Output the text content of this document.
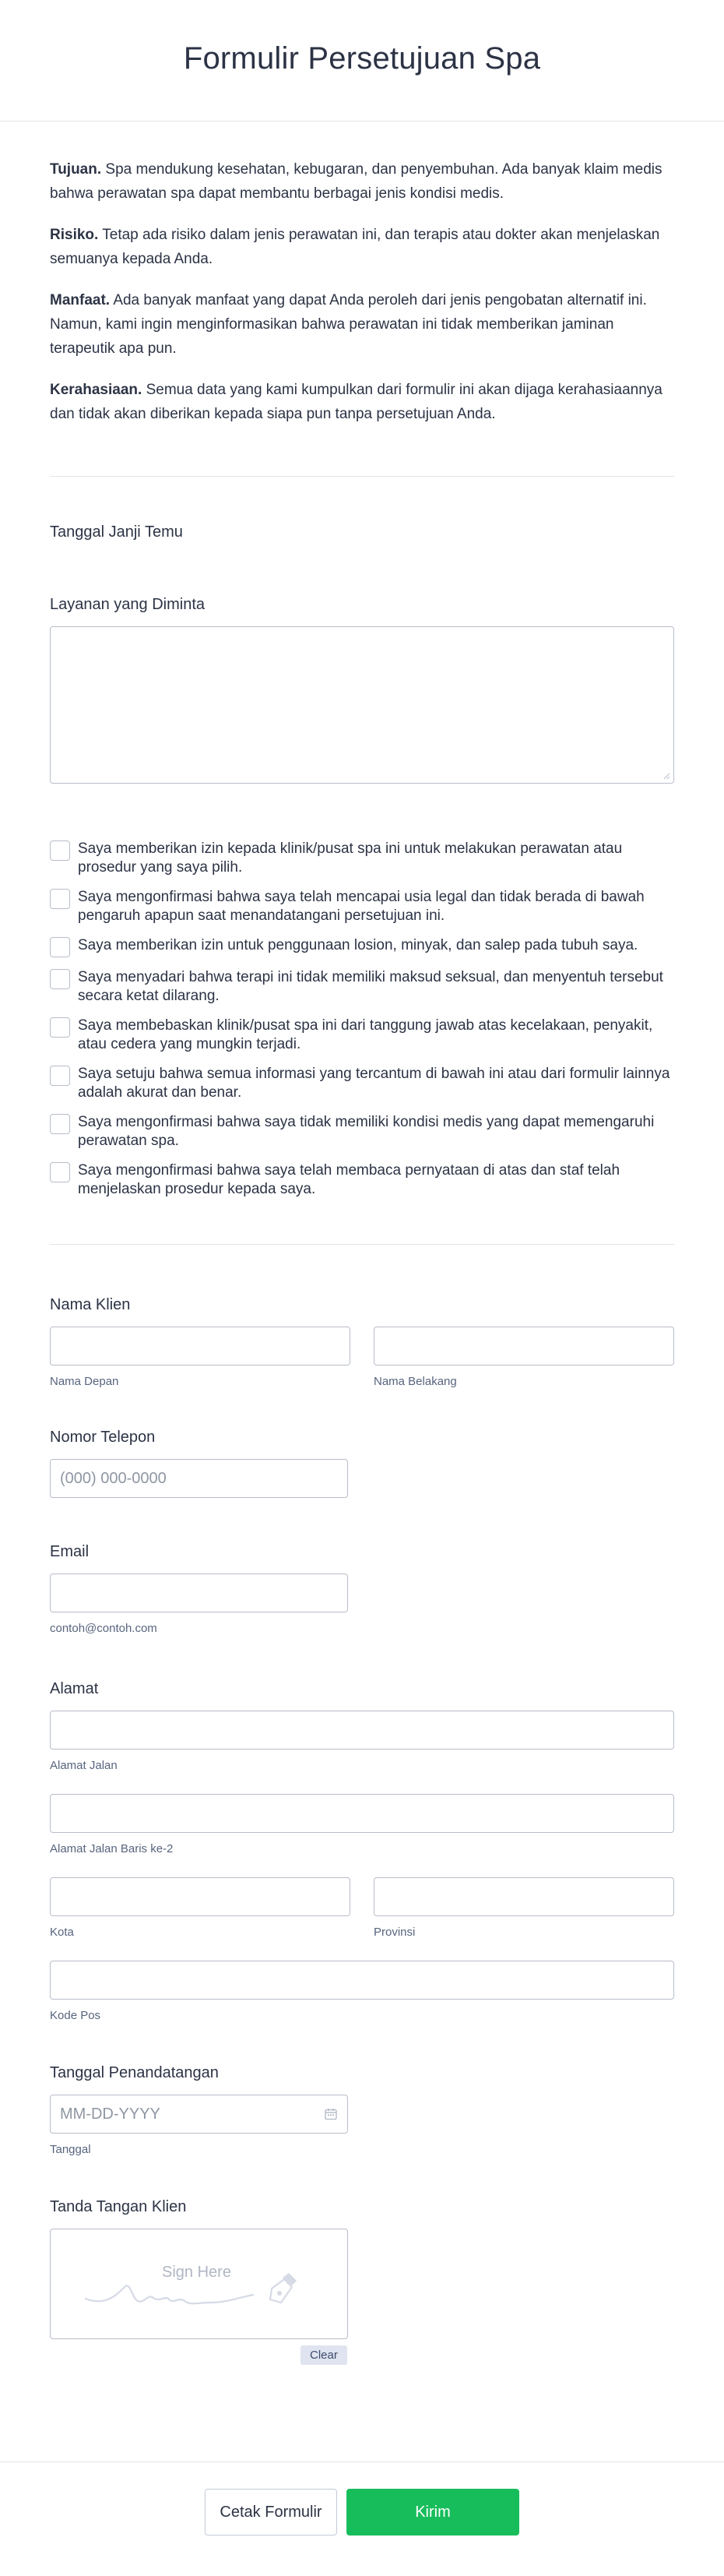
Formulir Persetujuan Spa

Tujuan. Spa mendukung kesehatan, kebugaran, dan penyembuhan. Ada banyak klaim medis bahwa perawatan spa dapat membantu berbagai jenis kondisi medis.

Risiko. Tetap ada risiko dalam jenis perawatan ini, dan terapis atau dokter akan menjelaskan semuanya kepada Anda.

Manfaat. Ada banyak manfaat yang dapat Anda peroleh dari jenis pengobatan alternatif ini. Namun, kami ingin menginformasikan bahwa perawatan ini tidak memberikan jaminan terapeutik apa pun.

Kerahasiaan. Semua data yang kami kumpulkan dari formulir ini akan dijaga kerahasiaannya dan tidak akan diberikan kepada siapa pun tanpa persetujuan Anda.

Tanggal Janji Temu
Layanan yang Diminta
Saya memberikan izin kepada klinik/pusat spa ini untuk melakukan perawatan atau prosedur yang saya pilih.
Saya mengonfirmasi bahwa saya telah mencapai usia legal dan tidak berada di bawah pengaruh apapun saat menandatangani persetujuan ini.
Saya memberikan izin untuk penggunaan losion, minyak, dan salep pada tubuh saya.
Saya menyadari bahwa terapi ini tidak memiliki maksud seksual, dan menyentuh tersebut secara ketat dilarang.
Saya membebaskan klinik/pusat spa ini dari tanggung jawab atas kecelakaan, penyakit, atau cedera yang mungkin terjadi.
Saya setuju bahwa semua informasi yang tercantum di bawah ini atau dari formulir lainnya adalah akurat dan benar.
Saya mengonfirmasi bahwa saya tidak memiliki kondisi medis yang dapat memengaruhi perawatan spa.
Saya mengonfirmasi bahwa saya telah membaca pernyataan di atas dan staf telah menjelaskan prosedur kepada saya.
Nama Klien
Nama Depan	Nama Belakang
Nomor Telepon
(000) 000-0000
Email
contoh@contoh.com
Alamat
Alamat Jalan
Alamat Jalan Baris ke-2
Kota	Provinsi
Kode Pos
Tanggal Penandatangan
MM-DD-YYYY
Tanggal
Tanda Tangan Klien
Sign Here
Clear
Cetak Formulir	Kirim
